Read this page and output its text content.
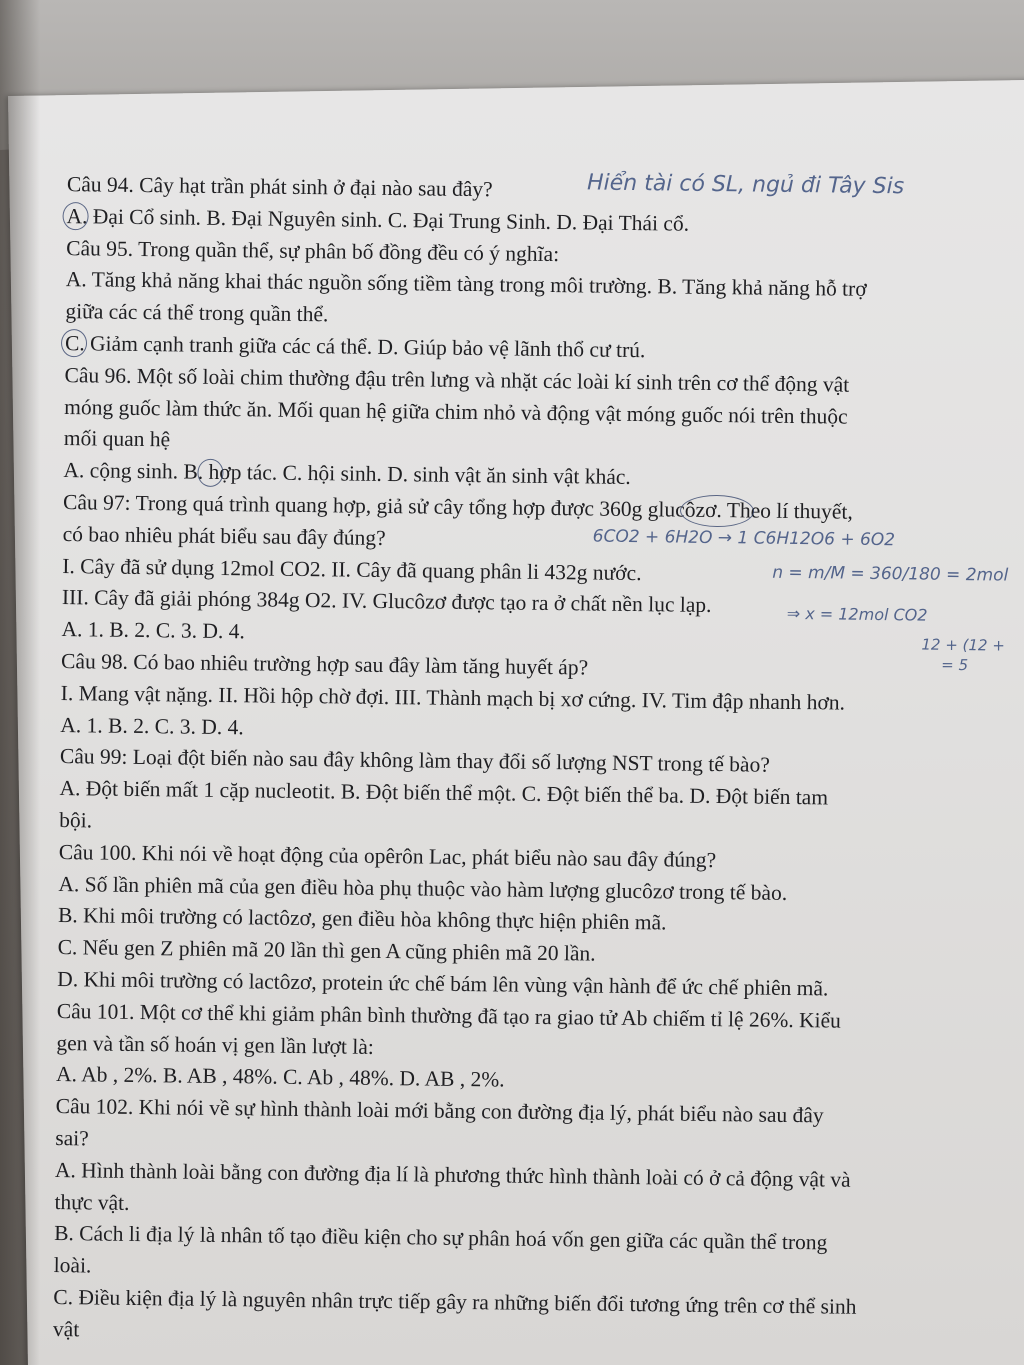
Câu 94. Cây hạt trần phát sinh ở đại nào sau đây?
A. Đại Cổ sinh. B. Đại Nguyên sinh. C. Đại Trung Sinh. D. Đại Thái cổ.
Câu 95. Trong quần thể, sự phân bố đồng đều có ý nghĩa:
A. Tăng khả năng khai thác nguồn sống tiềm tàng trong môi trường. B. Tăng khả năng hỗ trợ
giữa các cá thể trong quần thể.
C. Giảm cạnh tranh giữa các cá thể. D. Giúp bảo vệ lãnh thổ cư trú.
Câu 96. Một số loài chim thường đậu trên lưng và nhặt các loài kí sinh trên cơ thể động vật
móng guốc làm thức ăn. Mối quan hệ giữa chim nhỏ và động vật móng guốc nói trên thuộc
mối quan hệ
A. cộng sinh. B. hợp tác. C. hội sinh. D. sinh vật ăn sinh vật khác.
Câu 97: Trong quá trình quang hợp, giả sử cây tổng hợp được 360g glucôzơ. Theo lí thuyết,
có bao nhiêu phát biểu sau đây đúng?
I. Cây đã sử dụng 12mol CO2. II. Cây đã quang phân li 432g nước.
III. Cây đã giải phóng 384g O2. IV. Glucôzơ được tạo ra ở chất nền lục lạp.
A. 1. B. 2. C. 3. D. 4.
Câu 98. Có bao nhiêu trường hợp sau đây làm tăng huyết áp?
I. Mang vật nặng. II. Hồi hộp chờ đợi. III. Thành mạch bị xơ cứng. IV. Tim đập nhanh hơn.
A. 1. B. 2. C. 3. D. 4.
Câu 99: Loại đột biến nào sau đây không làm thay đổi số lượng NST trong tế bào?
A. Đột biến mất 1 cặp nucleotit. B. Đột biến thể một. C. Đột biến thể ba. D. Đột biến tam
bội.
Câu 100. Khi nói về hoạt động của opêrôn Lac, phát biểu nào sau đây đúng?
A. Số lần phiên mã của gen điều hòa phụ thuộc vào hàm lượng glucôzơ trong tế bào.
B. Khi môi trường có lactôzơ, gen điều hòa không thực hiện phiên mã.
C. Nếu gen Z phiên mã 20 lần thì gen A cũng phiên mã 20 lần.
D. Khi môi trường có lactôzơ, protein ức chế bám lên vùng vận hành để ức chế phiên mã.
Câu 101. Một cơ thể khi giảm phân bình thường đã tạo ra giao tử Ab chiếm tỉ lệ 26%. Kiểu
gen và tần số hoán vị gen lần lượt là:
A. Ab , 2%. B. AB , 48%. C. Ab , 48%. D. AB , 2%.
Câu 102. Khi nói về sự hình thành loài mới bằng con đường địa lý, phát biểu nào sau đây
sai?
A. Hình thành loài bằng con đường địa lí là phương thức hình thành loài có ở cả động vật và
thực vật.
B. Cách li địa lý là nhân tố tạo điều kiện cho sự phân hoá vốn gen giữa các quần thể trong
loài.
C. Điều kiện địa lý là nguyên nhân trực tiếp gây ra những biến đổi tương ứng trên cơ thể sinh
vật
Hiển tài có SL, ngủ đi Tây Sis
6CO2 + 6H2O → 1 C6H12O6 + 6O2
n = m/M = 360/180 = 2mol
⇒ x = 12mol CO2
12 + (12 +
= 5
